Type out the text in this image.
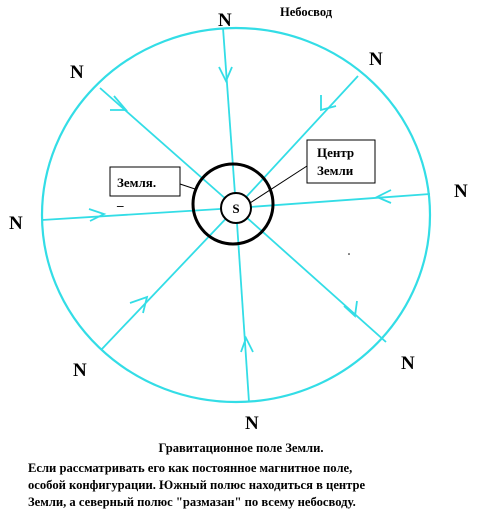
S
Земля.
_
Центр
Земли
N
N
N
N
N
N
N
N
Небосвод
Гравитационное поле Земли.
Если рассматривать его как постоянное магнитное поле,
особой конфигурации. Южный полюс находиться в центре
Земли, а северный полюс "размазан" по всему небосводу.
